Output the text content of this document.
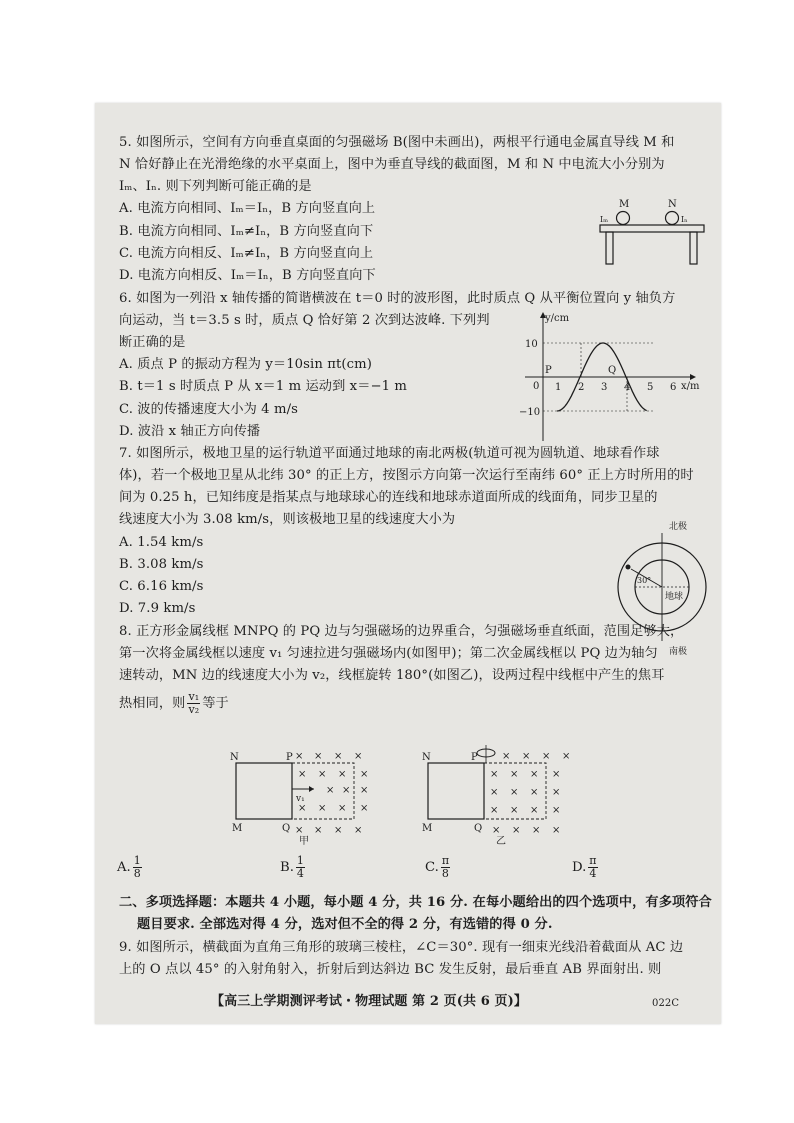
5. 如图所示，空间有方向垂直桌面的匀强磁场 B(图中未画出)，两根平行通电金属直导线 M 和
N 恰好静止在光滑绝缘的水平桌面上，图中为垂直导线的截面图，M 和 N 中电流大小分别为
Iₘ、Iₙ. 则下列判断可能正确的是
A. 电流方向相同、Iₘ＝Iₙ，B 方向竖直向上
B. 电流方向相同、Iₘ≠Iₙ，B 方向竖直向下
C. 电流方向相反、Iₘ≠Iₙ，B 方向竖直向上
D. 电流方向相反、Iₘ＝Iₙ，B 方向竖直向下
M	N
Iₘ	Iₙ
6. 如图为一列沿 x 轴传播的简谐横波在 t＝0 时的波形图，此时质点 Q 从平衡位置向 y 轴负方
向运动，当 t＝3.5 s 时，质点 Q 恰好第 2 次到达波峰. 下列判
断正确的是
A. 质点 P 的振动方程为 y＝10sin πt(cm)
B. t＝1 s 时质点 P 从 x＝1 m 运动到 x＝−1 m
C. 波的传播速度大小为 4 m/s
D. 波沿 x 轴正方向传播
y/cm
x/m
10
0
−10
1 2 3 4 5 6
P	Q
7. 如图所示，极地卫星的运行轨道平面通过地球的南北两极(轨道可视为圆轨道、地球看作球
体)，若一个极地卫星从北纬 30° 的正上方，按图示方向第一次运行至南纬 60° 正上方时所用的时
间为 0.25 h，已知纬度是指某点与地球球心的连线和地球赤道面所成的线面角，同步卫星的
线速度大小为 3.08 km/s，则该极地卫星的线速度大小为
A. 1.54 km/s
B. 3.08 km/s
C. 6.16 km/s
D. 7.9 km/s
北极
南极
地球
30°
8. 正方形金属线框 MNPQ 的 PQ 边与匀强磁场的边界重合，匀强磁场垂直纸面，范围足够大，
第一次将金属线框以速度 v₁ 匀速拉进匀强磁场内(如图甲)；第二次金属线框以 PQ 边为轴匀
速转动，MN 边的线速度大小为 v₂，线框旋转 180°(如图乙)，设两过程中线框中产生的焦耳
热相同，则 $\frac{\text{v₁}}{\text{v₂}}$ 等于
N	P
M	Q
v₁
甲
× × × ×
× × × ×
× × ×
× × × ×
× × × ×
N	P
M	Q
乙
× × × ×
× × × ×
× × × ×
× × × ×
× × × ×
A. $\frac{1}{8}$	B. $\frac{1}{4}$	C. $\frac{\pi}{8}$	D. $\frac{\pi}{4}$
二、多项选择题：本题共 4 小题，每小题 4 分，共 16 分. 在每小题给出的四个选项中，有多项符合
题目要求. 全部选对得 4 分，选对但不全的得 2 分，有选错的得 0 分.
9. 如图所示，横截面为直角三角形的玻璃三棱柱，∠C＝30°. 现有一细束光线沿着截面从 AC 边
上的 O 点以 45° 的入射角射入，折射后到达斜边 BC 发生反射，最后垂直 AB 界面射出. 则
【高三上学期测评考试・物理试题 第 2 页(共 6 页)】	022C
